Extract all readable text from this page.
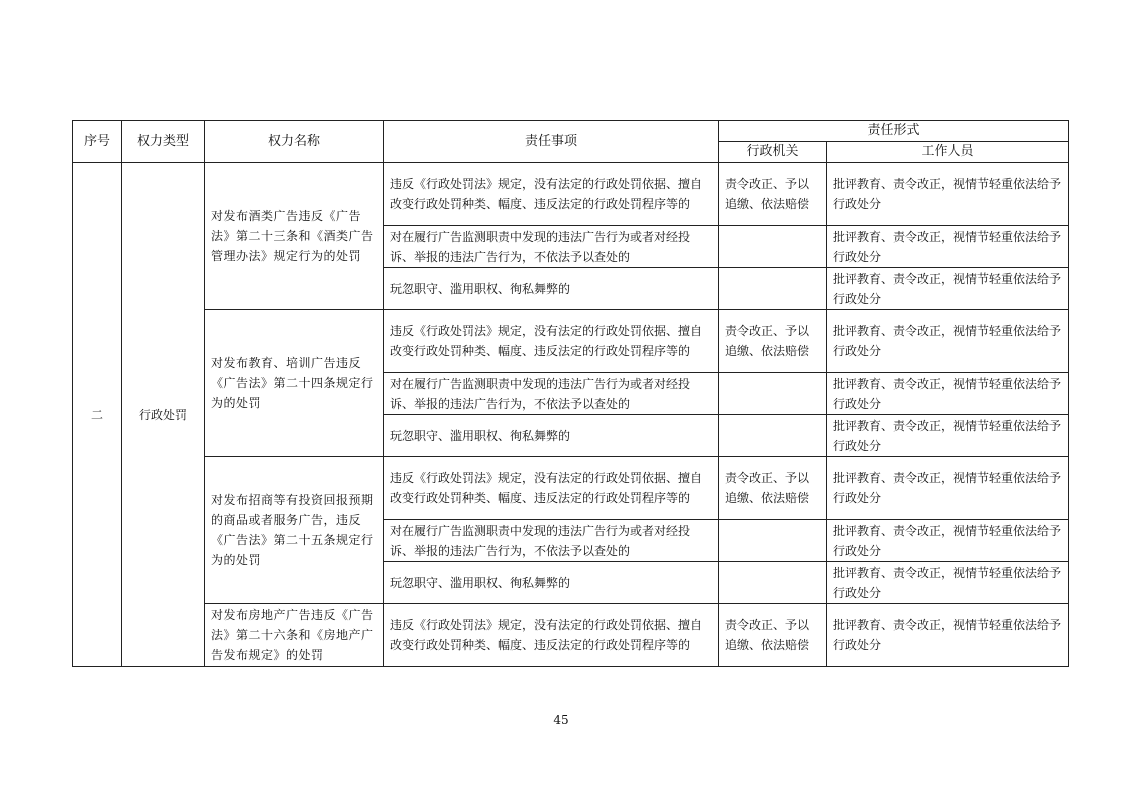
序号	权力类型	权力名称	责任事项	责任形式	
				行政机关	工作人员
二	行政处罚	对发布酒类广告违反《广告法》第二十三条和《酒类广告管理办法》规定行为的处罚	违反《行政处罚法》规定，没有法定的行政处罚依据、擅自改变行政处罚种类、幅度、违反法定的行政处罚程序等的	责令改正、予以追缴、依法赔偿	批评教育、责令改正，视情节轻重依法给予行政处分
			对在履行广告监测职责中发现的违法广告行为或者对经投诉、举报的违法广告行为，不依法予以查处的		批评教育、责令改正，视情节轻重依法给予行政处分
			玩忽职守、滥用职权、徇私舞弊的		批评教育、责令改正，视情节轻重依法给予行政处分
		对发布教育、培训广告违反《广告法》第二十四条规定行为的处罚	违反《行政处罚法》规定，没有法定的行政处罚依据、擅自改变行政处罚种类、幅度、违反法定的行政处罚程序等的	责令改正、予以追缴、依法赔偿	批评教育、责令改正，视情节轻重依法给予行政处分
			对在履行广告监测职责中发现的违法广告行为或者对经投诉、举报的违法广告行为，不依法予以查处的		批评教育、责令改正，视情节轻重依法给予行政处分
			玩忽职守、滥用职权、徇私舞弊的		批评教育、责令改正，视情节轻重依法给予行政处分
		对发布招商等有投资回报预期的商品或者服务广告，违反《广告法》第二十五条规定行为的处罚	违反《行政处罚法》规定，没有法定的行政处罚依据、擅自改变行政处罚种类、幅度、违反法定的行政处罚程序等的	责令改正、予以追缴、依法赔偿	批评教育、责令改正，视情节轻重依法给予行政处分
			对在履行广告监测职责中发现的违法广告行为或者对经投诉、举报的违法广告行为，不依法予以查处的		批评教育、责令改正，视情节轻重依法给予行政处分
			玩忽职守、滥用职权、徇私舞弊的		批评教育、责令改正，视情节轻重依法给予行政处分
		对发布房地产广告违反《广告法》第二十六条和《房地产广告发布规定》的处罚	违反《行政处罚法》规定，没有法定的行政处罚依据、擅自改变行政处罚种类、幅度、违反法定的行政处罚程序等的	责令改正、予以追缴、依法赔偿	批评教育、责令改正，视情节轻重依法给予行政处分
45
